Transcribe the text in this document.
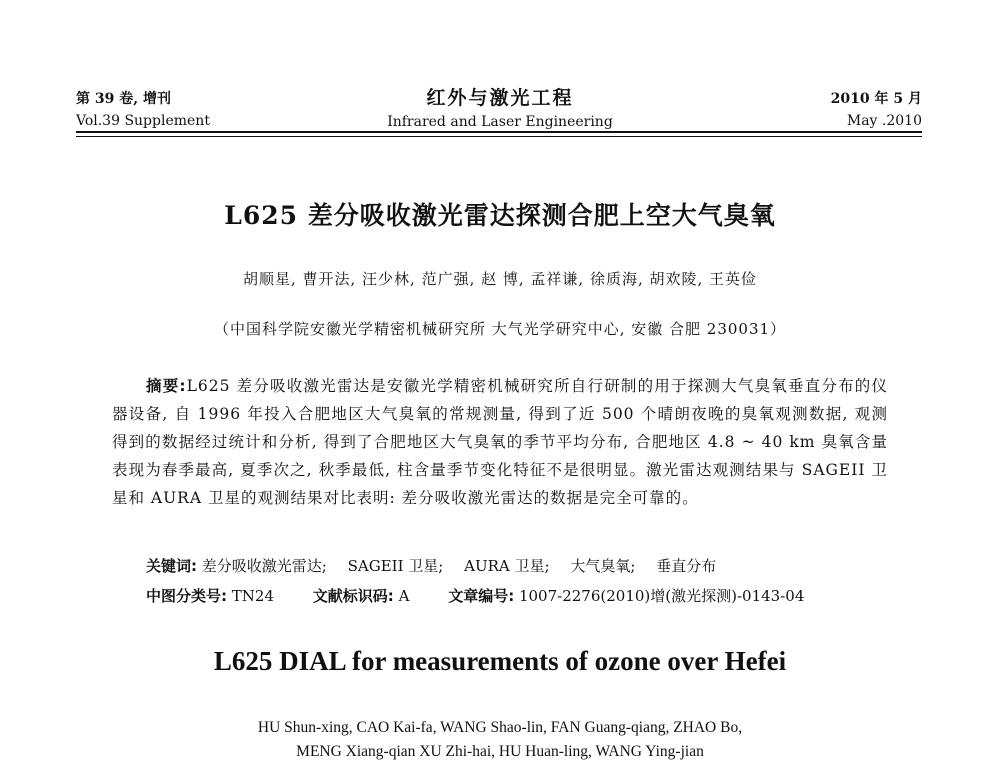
第 39 卷, 增刊
Vol.39 Supplement
红外与激光工程
Infrared and Laser Engineering
2010 年 5 月
May .2010
L625 差分吸收激光雷达探测合肥上空大气臭氧
胡顺星, 曹开法, 汪少林, 范广强, 赵 博, 孟祥谦, 徐质海, 胡欢陵, 王英俭
（中国科学院安徽光学精密机械研究所 大气光学研究中心, 安徽 合肥 230031）
摘要:L625 差分吸收激光雷达是安徽光学精密机械研究所自行研制的用于探测大气臭氧垂直分布的仪器设备, 自 1996 年投入合肥地区大气臭氧的常规测量, 得到了近 500 个晴朗夜晚的臭氧观测数据, 观测得到的数据经过统计和分析, 得到了合肥地区大气臭氧的季节平均分布, 合肥地区 4.8 ~ 40 km 臭氧含量表现为春季最高, 夏季次之, 秋季最低, 柱含量季节变化特征不是很明显。激光雷达观测结果与 SAGEII 卫星和 AURA 卫星的观测结果对比表明: 差分吸收激光雷达的数据是完全可靠的。
关键词: 差分吸收激光雷达; SAGEII 卫星; AURA 卫星; 大气臭氧; 垂直分布
中图分类号: TN24	文献标识码: A	文章编号: 1007-2276(2010)增(激光探测)-0143-04
L625 DIAL for measurements of ozone over Hefei
HU Shun-xing, CAO Kai-fa, WANG Shao-lin, FAN Guang-qiang, ZHAO Bo,
MENG Xiang-qian XU Zhi-hai, HU Huan-ling, WANG Ying-jian
